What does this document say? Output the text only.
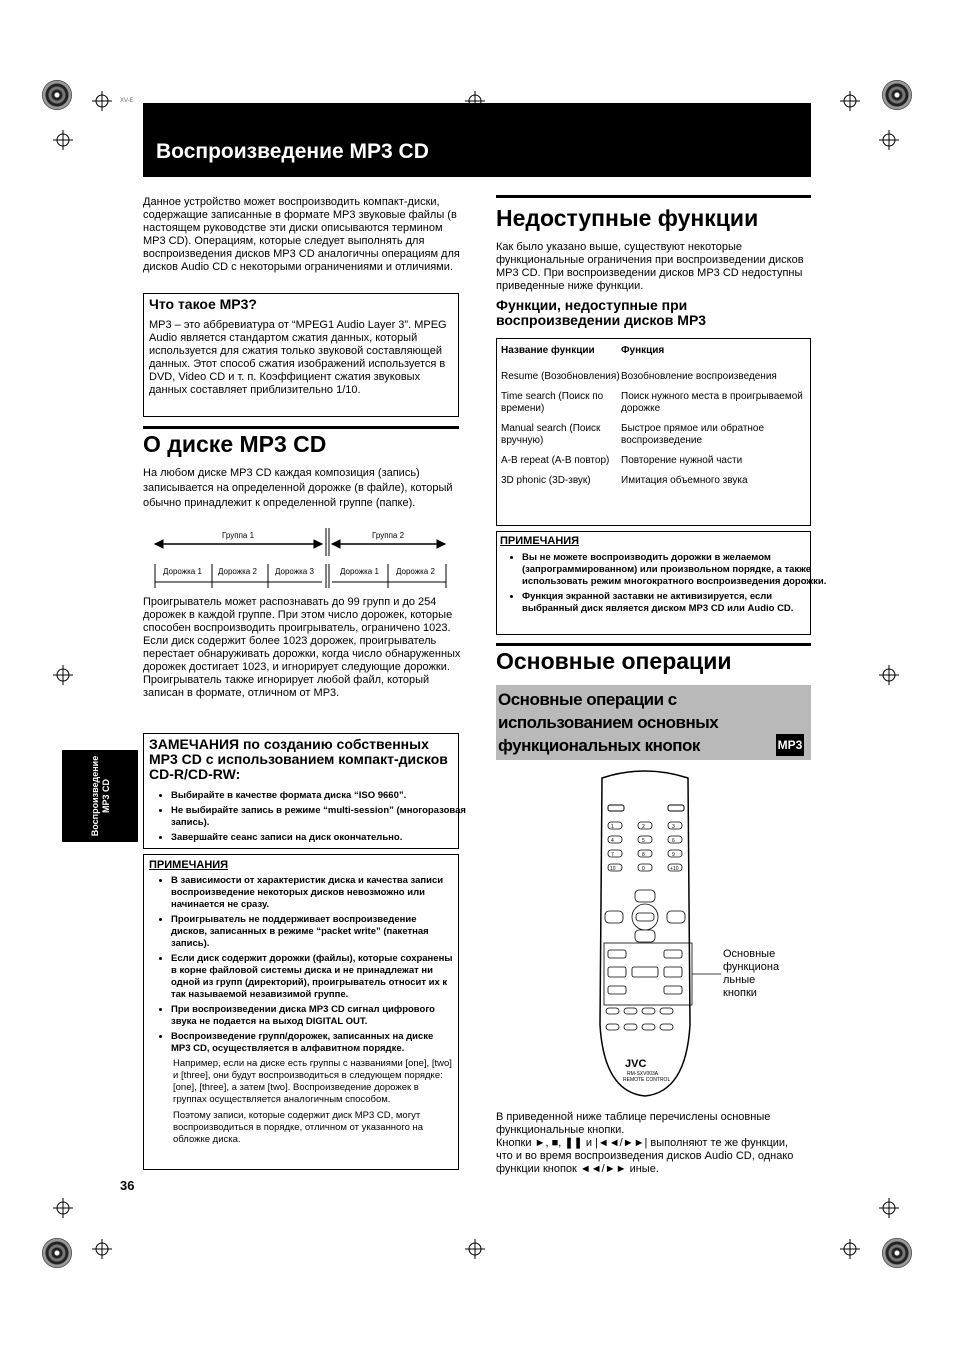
XV-E
Воспроизведение MP3 CD
Воспроизведение MP3 CD
Данное устройство может воспроизводить компакт-диски, содержащие записанные в формате MP3 звуковые файлы (в настоящем руководстве эти диски описываются термином MP3 CD). Операциям, которые следует выполнять для воспроизведения дисков MP3 CD аналогичны операциям для дисков Audio CD с некоторыми ограничениями и отличиями.
Что такое MP3?
MP3 – это аббревиатура от “MPEG1 Audio Layer 3”. MPEG Audio является стандартом сжатия данных, который используется для сжатия только звуковой составляющей данных. Этот способ сжатия изображений используется в DVD, Video CD и т. п. Коэффициент сжатия звуковых данных составляет приблизительно 1/10.
О диске MP3 CD
На любом диске MP3 CD каждая композиция (запись) записывается на определенной дорожке (в файле), который обычно принадлежит к определенной группе (папке).
Группа 1	Группа 2
Дорожка 1 Дорожка 2 Дорожка 3	Дорожка 1 Дорожка 2
Проигрыватель может распознавать до 99 групп и до 254 дорожек в каждой группе. При этом число дорожек, которые способен воспроизводить проигрыватель, ограничено 1023.
Если диск содержит более 1023 дорожек, проигрыватель перестает обнаруживать дорожки, когда число обнаруженных дорожек достигает 1023, и игнорирует следующие дорожки. Проигрыватель также игнорирует любой файл, который записан в формате, отличном от MP3.
ЗАМЕЧАНИЯ по созданию собственных MP3 CD с использованием компакт-дисков CD-R/CD-RW:
• Выбирайте в качестве формата диска “ISO 9660”.
• Не выбирайте запись в режиме “multi-session” (многоразовая запись).
• Завершайте сеанс записи на диск окончательно.
ПРИМЕЧАНИЯ
• В зависимости от характеристик диска и качества записи воспроизведение некоторых дисков невозможно или начинается не сразу.
• Проигрыватель не поддерживает воспроизведение дисков, записанных в режиме “packet write” (пакетная запись).
• Если диск содержит дорожки (файлы), которые сохранены в корне файловой системы диска и не принадлежат ни одной из групп (директорий), проигрыватель относит их к так называемой незавизимой группе.
• При воспроизведении диска MP3 CD сигнал цифрового звука не подается на выход DIGITAL OUT.
• Воспроизведение групп/дорожек, записанных на диске MP3 CD, осуществляется в алфавитном порядке.
Например, если на диске есть группы с названиями [one], [two] и [three], они будут воспроизводиться в следующем порядке: [one], [three], а затем [two]. Воспроизведение дорожек в группах осуществляется аналогичным способом.
Поэтому записи, которые содержит диск MP3 CD, могут воспроизводиться в порядке, отличном от указанного на обложке диска.
36
Недоступные функции
Как было указано выше, существуют некоторые функциональные ограничения при воспроизведении дисков MP3 CD. При воспроизведении дисков MP3 CD недоступны приведенные ниже функции.
Функции, недоступные при воспроизведении дисков MP3
Название функции	Функция
Resume (Возобновления)	Возобновление воспроизведения
Time search (Поиск по времени)	Поиск нужного места в проигрываемой дорожке
Manual search (Поиск вручную)	Быстрое прямое или обратное воспроизведение
A-B repeat (A-B повтор)	Повторение нужной части
3D phonic (3D-звук)	Имитация объемного звука
ПРИМЕЧАНИЯ
• Вы не можете воспроизводить дорожки в желаемом (запрограммированном) или произвольном порядке, а также использовать режим многократного воспроизведения дорожки.
• Функция экранной заставки не активизируется, если выбранный диск является диском MP3 CD или Audio CD.
Основные операции
Основные операции с использованием основных функциональных кнопок	MP3
1	2	3
4	5	6
7	8	9
10	0	+10
JVC
RM-SXV003A
REMOTE CONTROL
Основные функциона льные кнопки
В приведенной ниже таблице перечислены основные функциональные кнопки.
Кнопки ►, ■, ❚❚ и |◄◄/►►| выполняют те же функции, что и во время воспроизведения дисков Audio CD, однако функции кнопок ◄◄/►► иные.
